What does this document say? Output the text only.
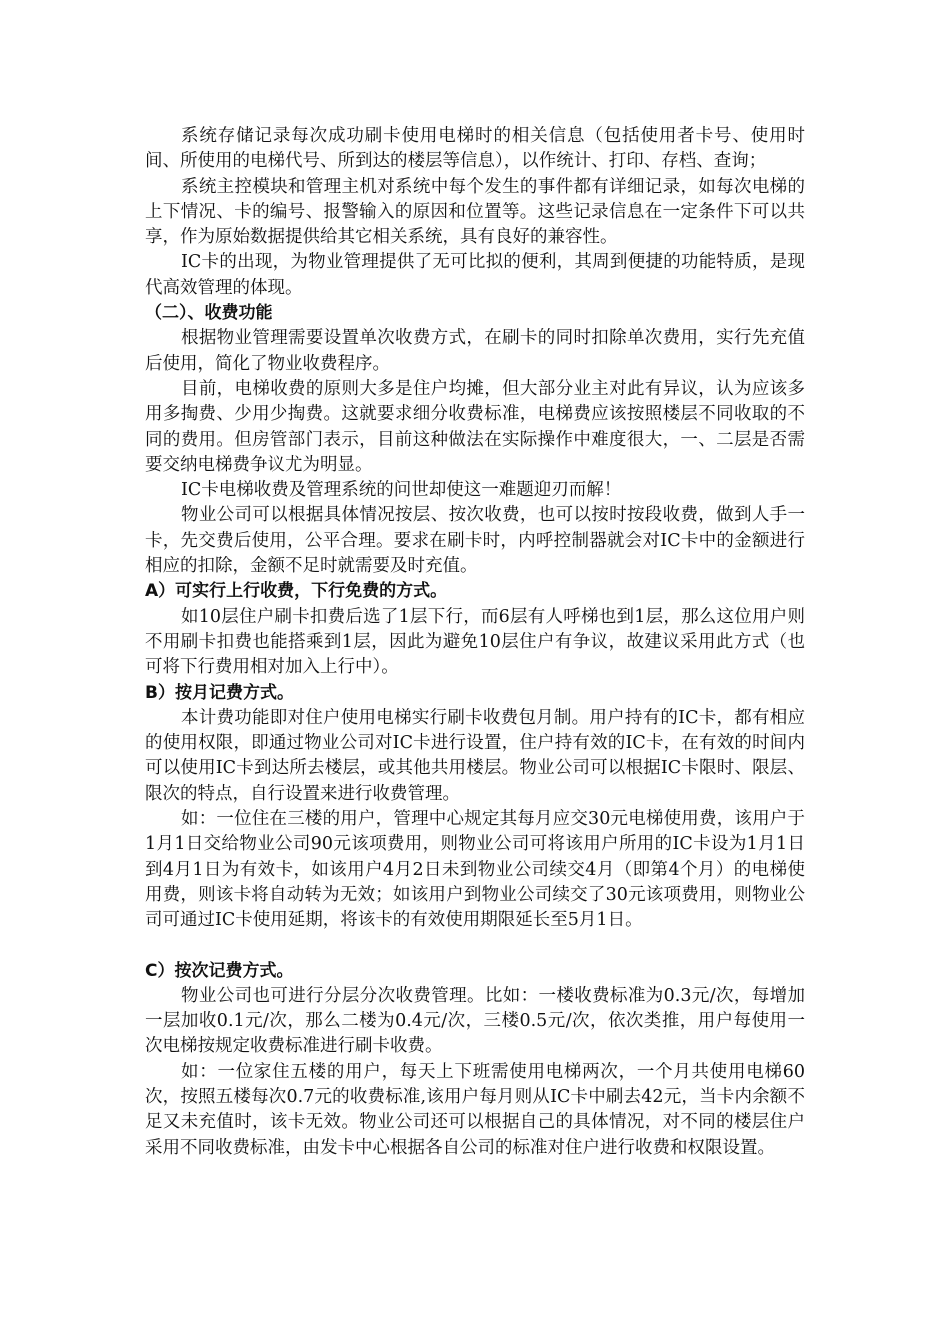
系统存储记录每次成功刷卡使用电梯时的相关信息（包括使用者卡号、使用时间、所使用的电梯代号、所到达的楼层等信息），以作统计、打印、存档、查询；

系统主控模块和管理主机对系统中每个发生的事件都有详细记录，如每次电梯的上下情况、卡的编号、报警输入的原因和位置等。这些记录信息在一定条件下可以共享，作为原始数据提供给其它相关系统，具有良好的兼容性。

IC卡的出现，为物业管理提供了无可比拟的便利，其周到便捷的功能特质，是现代高效管理的体现。

（二）、收费功能

根据物业管理需要设置单次收费方式，在刷卡的同时扣除单次费用，实行先充值后使用，简化了物业收费程序。

目前，电梯收费的原则大多是住户均摊，但大部分业主对此有异议，认为应该多用多掏费、少用少掏费。这就要求细分收费标准，电梯费应该按照楼层不同收取的不同的费用。但房管部门表示，目前这种做法在实际操作中难度很大，一、二层是否需要交纳电梯费争议尤为明显。

IC卡电梯收费及管理系统的问世却使这一难题迎刃而解！

物业公司可以根据具体情况按层、按次收费，也可以按时按段收费，做到人手一卡，先交费后使用，公平合理。要求在刷卡时，内呼控制器就会对IC卡中的金额进行相应的扣除，金额不足时就需要及时充值。

A）可实行上行收费，下行免费的方式。

如10层住户刷卡扣费后选了1层下行，而6层有人呼梯也到1层，那么这位用户则不用刷卡扣费也能搭乘到1层，因此为避免10层住户有争议，故建议采用此方式（也可将下行费用相对加入上行中）。

B）按月记费方式。

本计费功能即对住户使用电梯实行刷卡收费包月制。用户持有的IC卡，都有相应的使用权限，即通过物业公司对IC卡进行设置，住户持有效的IC卡，在有效的时间内可以使用IC卡到达所去楼层，或其他共用楼层。物业公司可以根据IC卡限时、限层、限次的特点，自行设置来进行收费管理。

如：一位住在三楼的用户，管理中心规定其每月应交30元电梯使用费，该用户于1月1日交给物业公司90元该项费用，则物业公司可将该用户所用的IC卡设为1月1日到4月1日为有效卡，如该用户4月2日未到物业公司续交4月（即第4个月）的电梯使用费，则该卡将自动转为无效；如该用户到物业公司续交了30元该项费用，则物业公司可通过IC卡使用延期，将该卡的有效使用期限延长至5月1日。

C）按次记费方式。

物业公司也可进行分层分次收费管理。比如：一楼收费标准为0.3元/次，每增加一层加收0.1元/次，那么二楼为0.4元/次，三楼0.5元/次，依次类推，用户每使用一次电梯按规定收费标准进行刷卡收费。

如：一位家住五楼的用户，每天上下班需使用电梯两次，一个月共使用电梯60次，按照五楼每次0.7元的收费标准,该用户每月则从IC卡中刷去42元，当卡内余额不足又未充值时，该卡无效。物业公司还可以根据自己的具体情况，对不同的楼层住户采用不同收费标准，由发卡中心根据各自公司的标准对住户进行收费和权限设置。
